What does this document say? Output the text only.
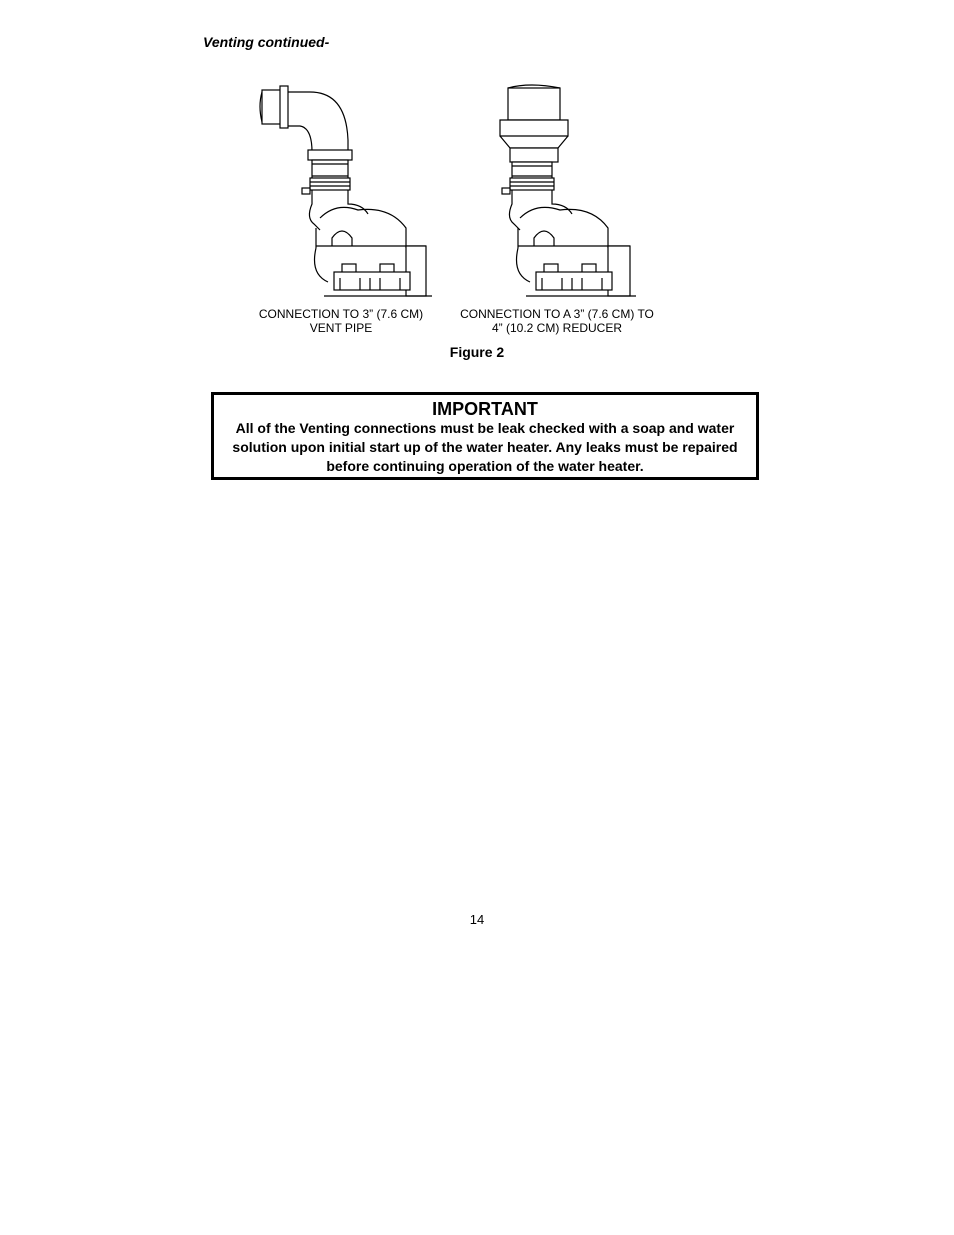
Venting continued-
CONNECTION TO 3” (7.6 CM)
VENT PIPE
CONNECTION TO A 3” (7.6 CM) TO
4” (10.2 CM) REDUCER
Figure 2
IMPORTANT
All of the Venting connections must be leak checked with a soap and water solution upon initial start up of the water heater. Any leaks must be repaired before continuing operation of the water heater.
14
